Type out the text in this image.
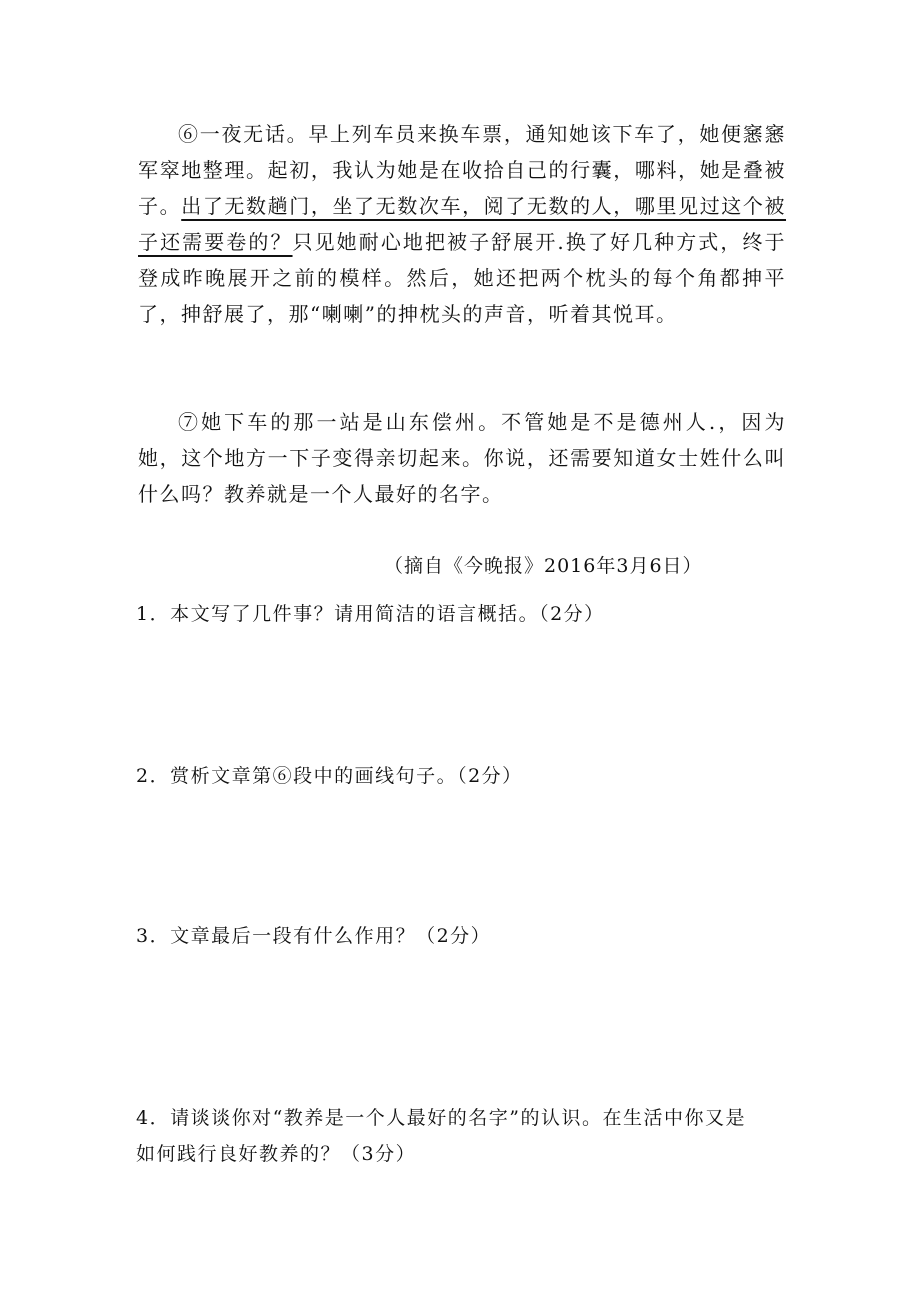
⑥一夜无话。早上列车员来换车票，通知她该下车了，她便窸窸军窣地整理。起初，我认为她是在收拾自己的行囊，哪料，她是叠被子。出了无数趟门，坐了无数次车，阅了无数的人，哪里见过这个被子还需要卷的？只见她耐心地把被子舒展开.换了好几种方式，终于登成昨晚展开之前的模样。然后，她还把两个枕头的每个角都抻平了，抻舒展了，那“喇喇”的抻枕头的声音，听着其悦耳。

⑦她下车的那一站是山东偿州。不管她是不是德州人.，因为她，这个地方一下子变得亲切起来。你说，还需要知道女士姓什么叫什么吗？教养就是一个人最好的名字。

（摘自《今晚报》2016年3月6日）

1．本文写了几件事？请用简洁的语言概括。（2分）

2．赏析文章第⑥段中的画线句子。（2分）

3．文章最后一段有什么作用？（2分）

4．请谈谈你对“教养是一个人最好的名字”的认识。在生活中你又是如何践行良好教养的？（3分）
